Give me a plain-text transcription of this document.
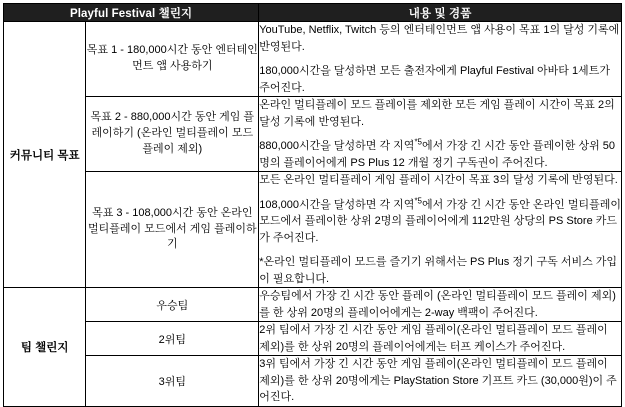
Playful Festival 챌린지		내용 및 경품
커뮤니티 목표	목표 1 - 180,000시간 동안 엔터테인먼트 앱 사용하기	YouTube, Netflix, Twitch 등의 엔터테인먼트 앱 사용이 목표 1의 달성 기록에 반영된다.

180,000시간을 달성하면 모든 출전자에게 Playful Festival 아바타 1세트가 주어진다.

	목표 2 - 880,000시간 동안 게임 플레이하기 (온라인 멀티플레이 모드 플레이 제외)	온라인 멀티플레이 모드 플레이를 제외한 모든 게임 플레이 시간이 목표 2의 달성 기록에 반영된다.

880,000시간을 달성하면 각 지역$^{*5}$에서 가장 긴 시간 동안 플레이한 상위 50명의 플레이어에게 PS Plus 12 개월 정기 구독권이 주어진다.

	목표 3 - 108,000시간 동안 온라인 멀티플레이 모드에서 게임 플레이하기	모든 온라인 멀티플레이 게임 플레이 시간이 목표 3의 달성 기록에 반영된다.

108,000시간을 달성하면 각 지역$^{*5}$에서 가장 긴 시간 동안 온라인 멀티플레이 모드에서 플레이한 상위 2명의 플레이어에게 112만원 상당의 PS Store 카드가 주어진다.

*온라인 멀티플레이 모드를 즐기기 위해서는 PS Plus 정기 구독 서비스 가입이 필요합니다.

팀 챌린지	우승팀	우승팀에서 가장 긴 시간 동안 플레이 (온라인 멀티플레이 모드 플레이 제외)를 한 상위 20명의 플레이어에게는 2-way 백팩이 주어진다.

	2위팀	2위 팀에서 가장 긴 시간 동안 게임 플레이(온라인 멀티플레이 모드 플레이 제외)를 한 상위 20명의 플레이어에게는 터프 케이스가 주어진다.

	3위팀	3위 팀에서 가장 긴 시간 동안 게임 플레이(온라인 멀티플레이 모드 플레이 제외)를 한 상위 20명에게는 PlayStation Store 기프트 카드 (30,000원)이 주어진다.
